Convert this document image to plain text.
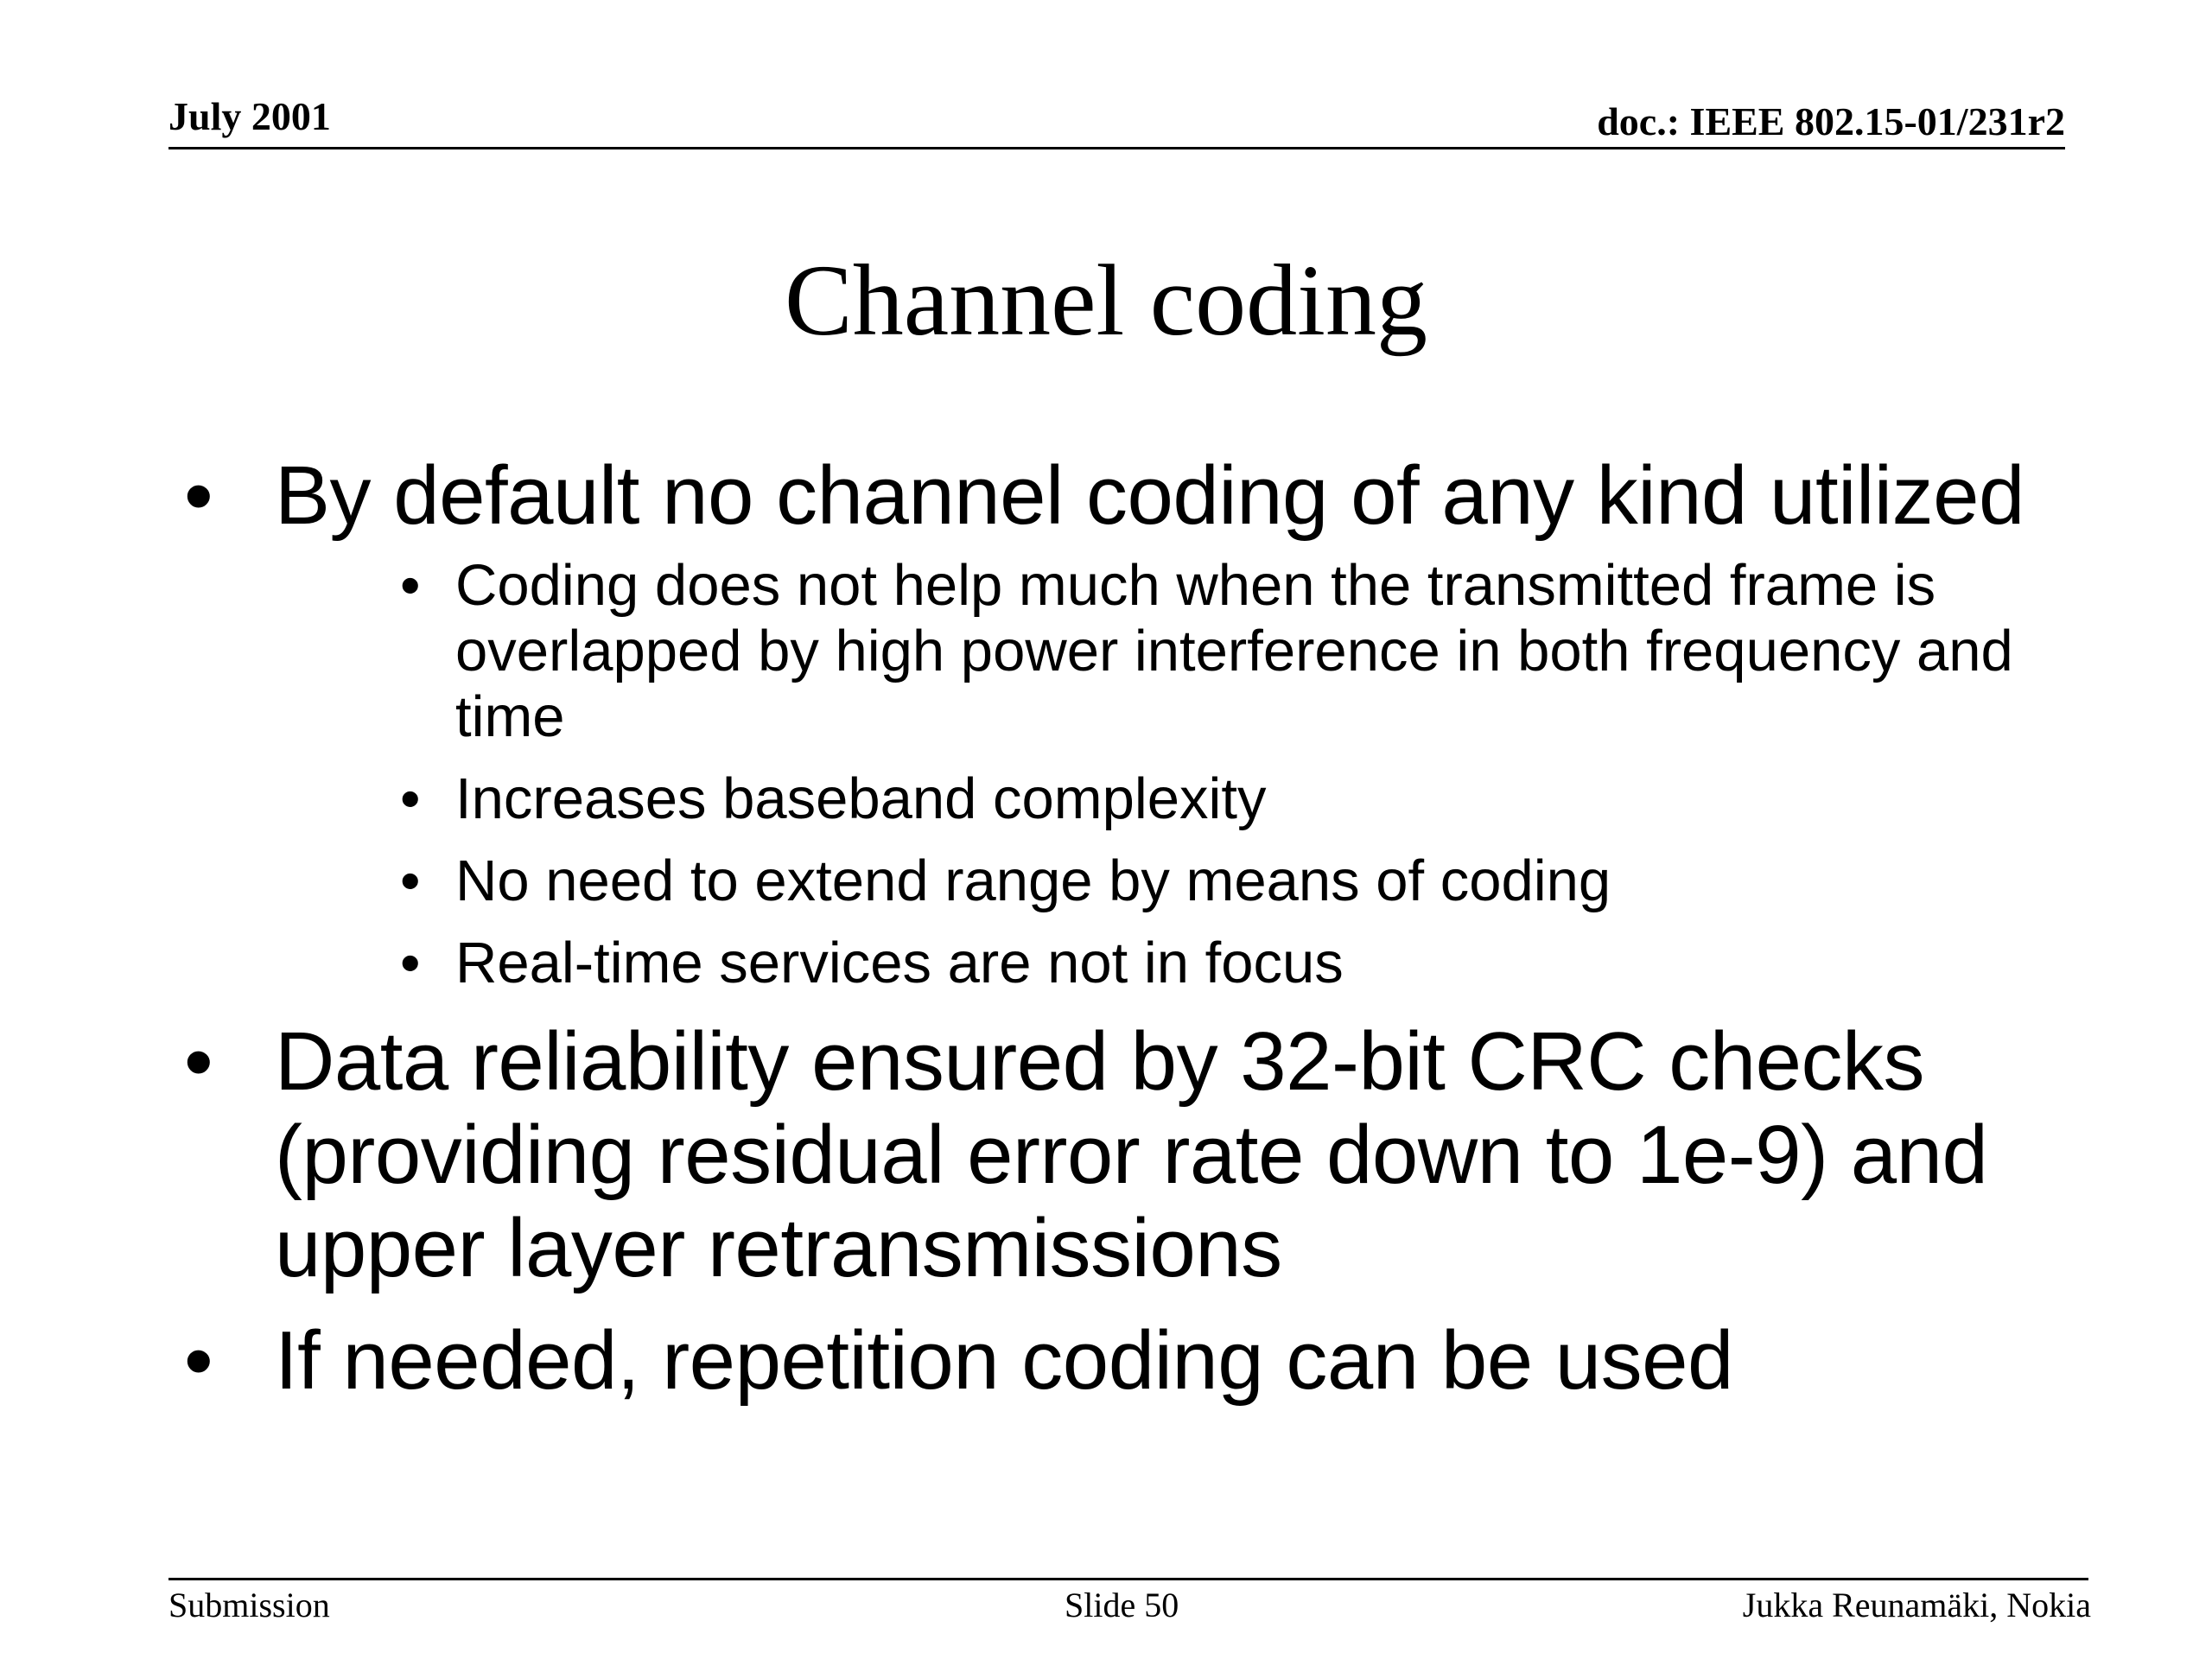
July 2001	doc.: IEEE 802.15-01/231r2
Channel coding
• By default no channel coding of any kind utilized
• Coding does not help much when the transmitted frame is overlapped by high power interference in both frequency and time
• Increases baseband complexity
• No need to extend range by means of coding
• Real-time services are not in focus
• Data reliability ensured by 32-bit CRC checks (providing residual error rate down to 1e-9) and upper layer retransmissions
• If needed, repetition coding can be used
Submission	Slide 50	Jukka Reunamäki, Nokia
